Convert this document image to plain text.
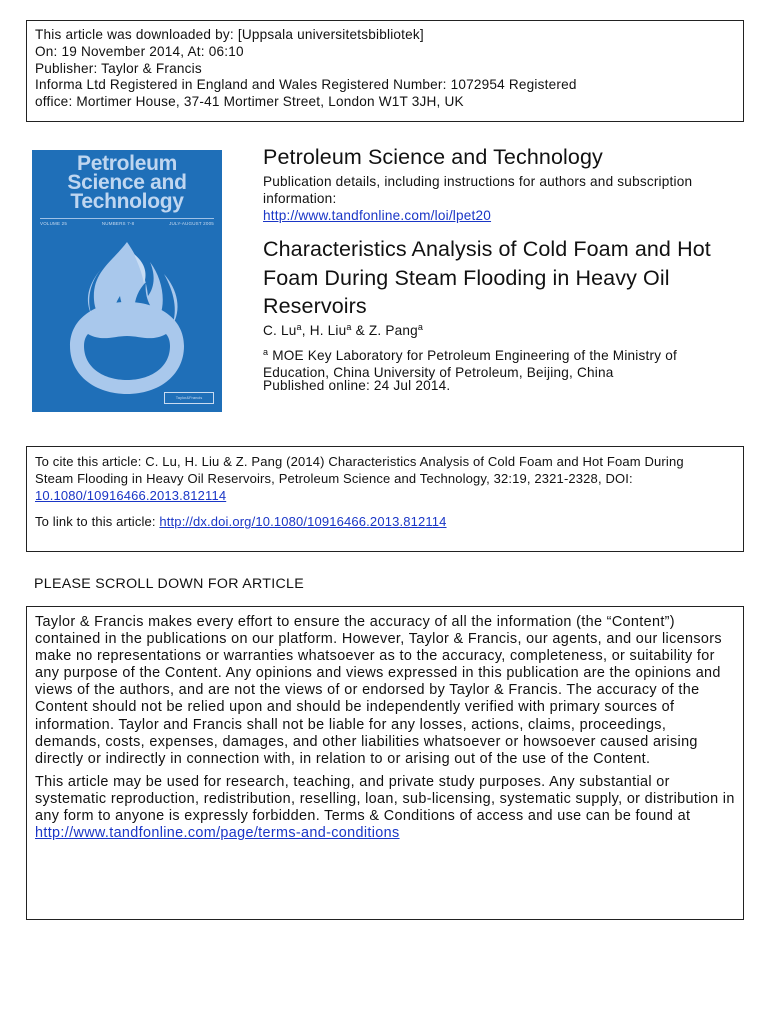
This article was downloaded by: [Uppsala universitetsbibliotek]
On: 19 November 2014, At: 06:10
Publisher: Taylor & Francis
Informa Ltd Registered in England and Wales Registered Number: 1072954 Registered
office: Mortimer House, 37-41 Mortimer Street, London W1T 3JH, UK
Petroleum
Science and
Technology
VOLUME 25	NUMBERS 7-8	JULY-AUGUST 2005
Taylor&Francis
Petroleum Science and Technology
Publication details, including instructions for authors and subscription information:
http://www.tandfonline.com/loi/lpet20
Characteristics Analysis of Cold Foam and Hot Foam During Steam Flooding in Heavy Oil Reservoirs
C. Lu$^a$, H. Liu$^a$ & Z. Pang$^a$
$^a$ MOE Key Laboratory for Petroleum Engineering of the Ministry of Education, China University of Petroleum, Beijing, China
Published online: 24 Jul 2014.
To cite this article: C. Lu, H. Liu & Z. Pang (2014) Characteristics Analysis of Cold Foam and Hot Foam During Steam Flooding in Heavy Oil Reservoirs, Petroleum Science and Technology, 32:19, 2321-2328, DOI: 10.1080/10916466.2013.812114
To link to this article: http://dx.doi.org/10.1080/10916466.2013.812114
PLEASE SCROLL DOWN FOR ARTICLE
Taylor & Francis makes every effort to ensure the accuracy of all the information (the “Content”) contained in the publications on our platform. However, Taylor & Francis, our agents, and our licensors make no representations or warranties whatsoever as to the accuracy, completeness, or suitability for any purpose of the Content. Any opinions and views expressed in this publication are the opinions and views of the authors, and are not the views of or endorsed by Taylor & Francis. The accuracy of the Content should not be relied upon and should be independently verified with primary sources of information. Taylor and Francis shall not be liable for any losses, actions, claims, proceedings, demands, costs, expenses, damages, and other liabilities whatsoever or howsoever caused arising directly or indirectly in connection with, in relation to or arising out of the use of the Content.
This article may be used for research, teaching, and private study purposes. Any substantial or systematic reproduction, redistribution, reselling, loan, sub-licensing, systematic supply, or distribution in any form to anyone is expressly forbidden. Terms & Conditions of access and use can be found at http://www.tandfonline.com/page/terms-and-conditions
